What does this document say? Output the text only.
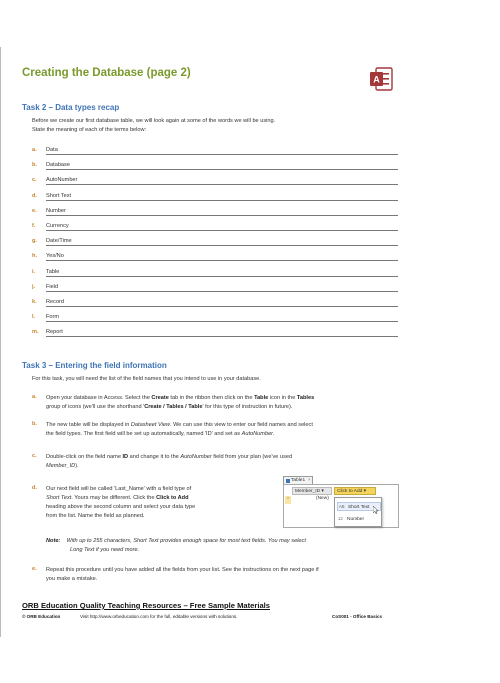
Creating the Database (page 2)
A
Task 2 – Data types recap
Before we create our first database table, we will look again at some of the words we will be using.
State the meaning of each of the terms below:
a. Data
b. Database
c. AutoNumber
d. Short Text
e. Number
f. Currency
g. Date/Time
h. Yes/No
i. Table
j. Field
k. Record
l. Form
m. Report
Task 3 – Entering the field information
For this task, you will need the list of the field names that you intend to use in your database.
a. Open your database in Access. Select the Create tab in the ribbon then click on the Table icon in the Tables
group of icons (we'll use the shorthand 'Create / Tables / Table' for this type of instruction in future).
b. The new table will be displayed in Datasheet View. We can use this view to enter our field names and select
the field types. The first field will be set up automatically, named 'ID' and set as AutoNumber.
c. Double-click on the field name ID and change it to the AutoNumber field from your plan (we've used
Member_ID).
d. Our next field will be called 'Last_Name' with a field type of
Short Text. Yours may be different. Click the Click to Add
heading above the second column and select your data type
from the list. Name the field as planned.
Table1 ×
Member_ID ▾	Click to Add ▾
*	(New)
AB Short Text
12 Number
Note: With up to 255 characters, Short Text provides enough space for most text fields. You may select
Long Text if you need more.
e. Repeat this procedure until you have added all the fields from your list. See the instructions on the next page if
you make a mistake.
ORB Education Quality Teaching Resources – Free Sample Materials
© ORB Education	Visit http://www.orbeducation.com for the full, editable versions with solutions.	CoS001 - Office Basics
